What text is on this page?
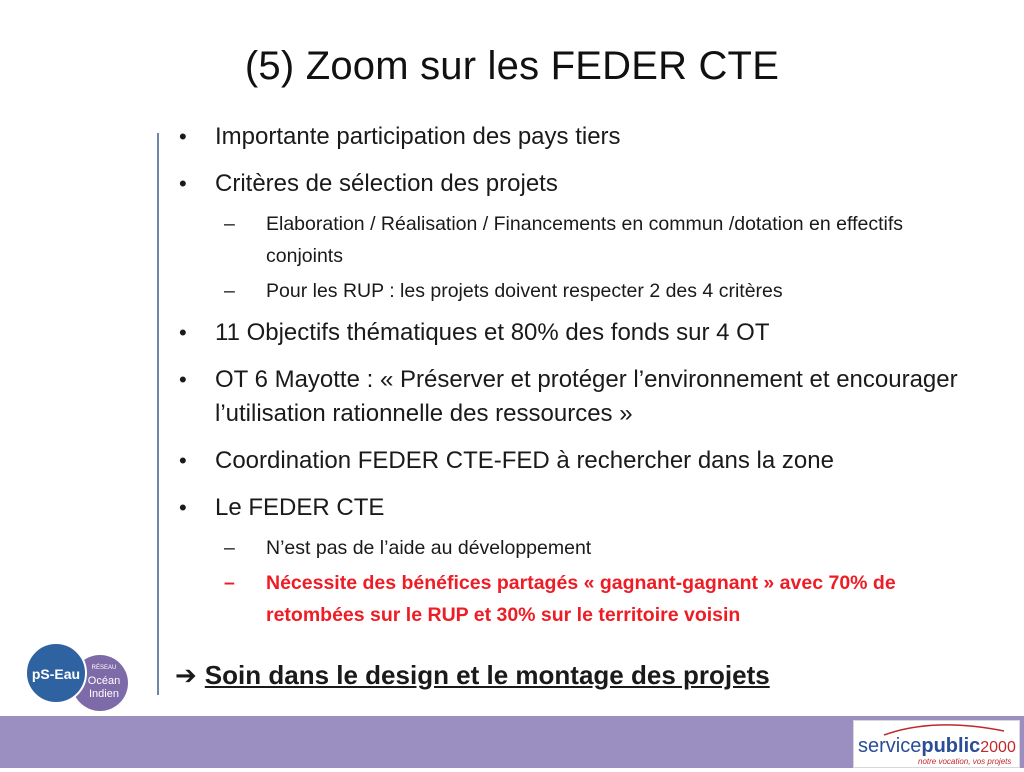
(5) Zoom sur les FEDER CTE
• Importante participation des pays tiers
• Critères de sélection des projets
– Elaboration / Réalisation / Financements en commun /dotation en effectifs conjoints
– Pour les RUP : les projets doivent respecter 2 des 4 critères
• 11 Objectifs thématiques et 80% des fonds sur 4 OT
• OT 6 Mayotte : « Préserver et protéger l’environnement et encourager l’utilisation rationnelle des ressources »
• Coordination FEDER CTE-FED à rechercher dans la zone
• Le FEDER CTE
– N’est pas de l’aide au développement
– Nécessite des bénéfices partagés « gagnant-gagnant » avec 70% de retombées sur le RUP et 30% sur le territoire voisin
➔ Soin dans le design et le montage des projets
pS-Eau RÉSEAU
Océan
Indien
servicepublic2000
notre vocation, vos projets
